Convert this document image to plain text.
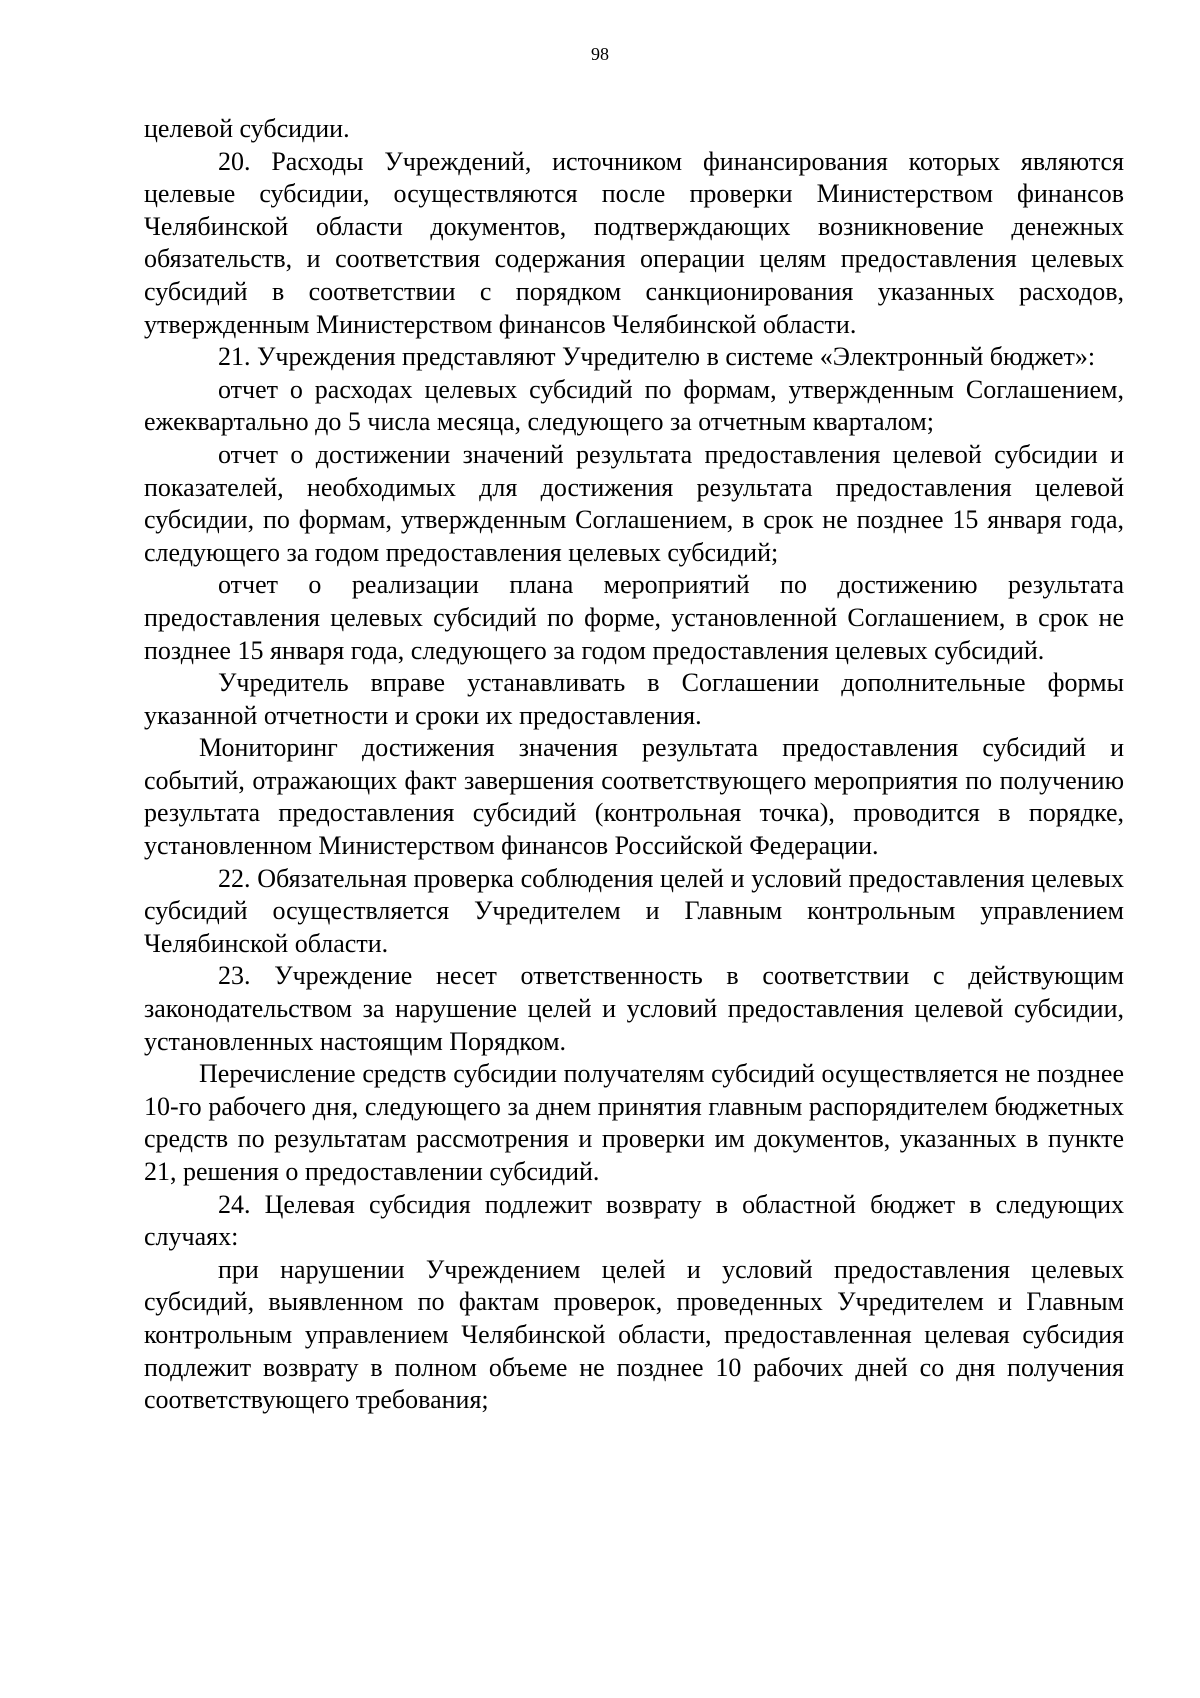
98

целевой субсидии.

20. Расходы Учреждений, источником финансирования которых являются целевые субсидии, осуществляются после проверки Министерством финансов Челябинской области документов, подтверждающих возникновение денежных обязательств, и соответствия содержания операции целям предоставления целевых субсидий в соответствии с порядком санкционирования указанных расходов, утвержденным Министерством финансов Челябинской области.

21. Учреждения представляют Учредителю в системе «Электронный бюджет»:

отчет о расходах целевых субсидий по формам, утвержденным Соглашением, ежеквартально до 5 числа месяца, следующего за отчетным кварталом;

отчет о достижении значений результата предоставления целевой субсидии и показателей, необходимых для достижения результата предоставления целевой субсидии, по формам, утвержденным Соглашением, в срок не позднее 15 января года, следующего за годом предоставления целевых субсидий;

отчет о реализации плана мероприятий по достижению результата предоставления целевых субсидий по форме, установленной Соглашением, в срок не позднее 15 января года, следующего за годом предоставления целевых субсидий.

Учредитель вправе устанавливать в Соглашении дополнительные формы указанной отчетности и сроки их предоставления.

Мониторинг достижения значения результата предоставления субсидий и событий, отражающих факт завершения соответствующего мероприятия по получению результата предоставления субсидий (контрольная точка), проводится в порядке, установленном Министерством финансов Российской Федерации.

22. Обязательная проверка соблюдения целей и условий предоставления целевых субсидий осуществляется Учредителем и Главным контрольным управлением Челябинской области.

23. Учреждение несет ответственность в соответствии с действующим законодательством за нарушение целей и условий предоставления целевой субсидии, установленных настоящим Порядком.

Перечисление средств субсидии получателям субсидий осуществляется не позднее 10-го рабочего дня, следующего за днем принятия главным распорядителем бюджетных средств по результатам рассмотрения и проверки им документов, указанных в пункте 21, решения о предоставлении субсидий.

24. Целевая субсидия подлежит возврату в областной бюджет в следующих случаях:

при нарушении Учреждением целей и условий предоставления целевых субсидий, выявленном по фактам проверок, проведенных Учредителем и Главным контрольным управлением Челябинской области, предоставленная целевая субсидия подлежит возврату в полном объеме не позднее 10 рабочих дней со дня получения соответствующего требования;
